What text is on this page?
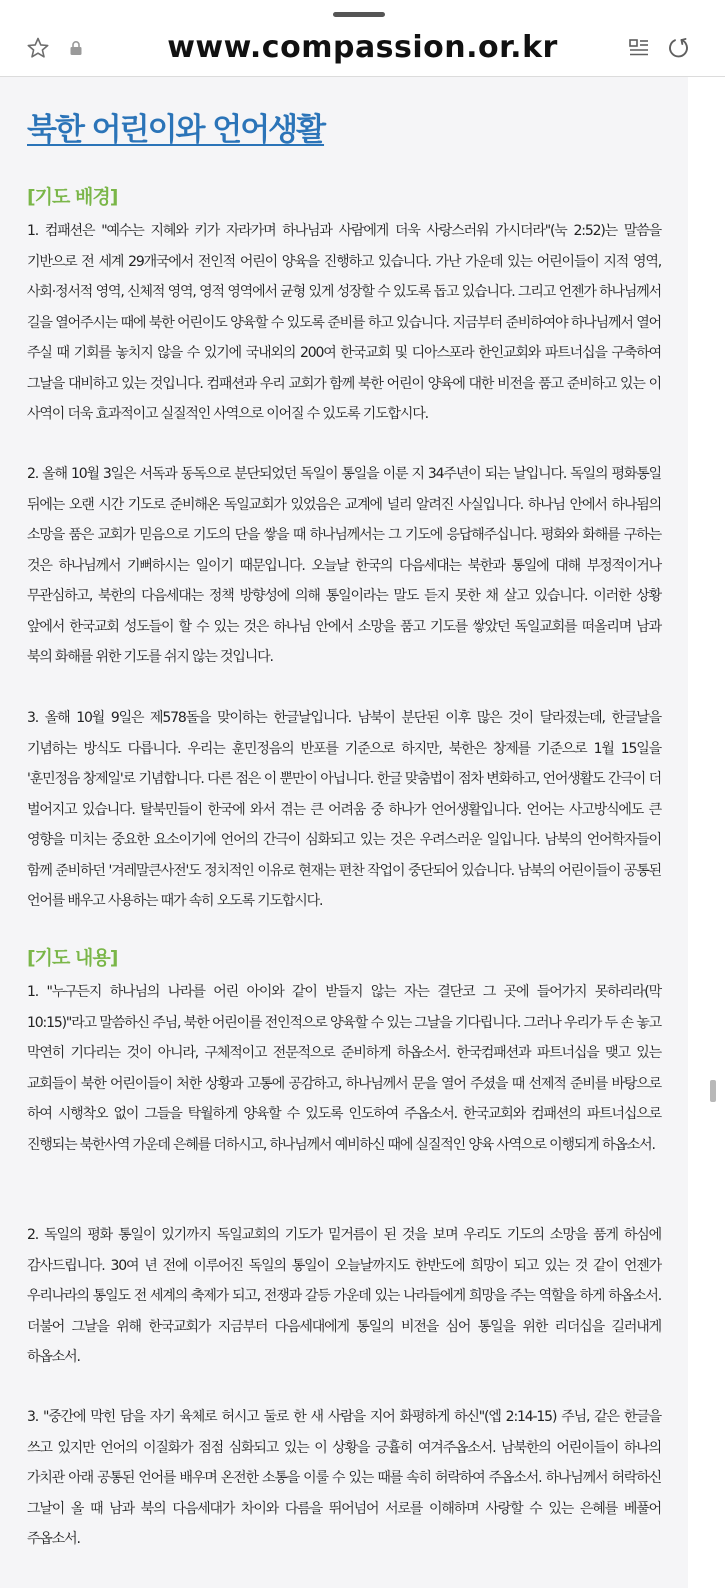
www.compassion.or.kr
북한 어린이와 언어생활
[기도 배경]

1. 컴패션은 "예수는 지혜와 키가 자라가며 하나님과 사람에게 더욱 사랑스러워 가시더라"(눅 2:52)는 말씀을 기반으로 전 세계 29개국에서 전인적 어린이 양육을 진행하고 있습니다. 가난 가운데 있는 어린이들이 지적 영역, 사회·정서적 영역, 신체적 영역, 영적 영역에서 균형 있게 성장할 수 있도록 돕고 있습니다. 그리고 언젠가 하나님께서 길을 열어주시는 때에 북한 어린이도 양육할 수 있도록 준비를 하고 있습니다. 지금부터 준비하여야 하나님께서 열어 주실 때 기회를 놓치지 않을 수 있기에 국내외의 200여 한국교회 및 디아스포라 한인교회와 파트너십을 구축하여 그날을 대비하고 있는 것입니다. 컴패션과 우리 교회가 함께 북한 어린이 양육에 대한 비전을 품고 준비하고 있는 이 사역이 더욱 효과적이고 실질적인 사역으로 이어질 수 있도록 기도합시다.

2. 올해 10월 3일은 서독과 동독으로 분단되었던 독일이 통일을 이룬 지 34주년이 되는 날입니다. 독일의 평화통일 뒤에는 오랜 시간 기도로 준비해온 독일교회가 있었음은 교계에 널리 알려진 사실입니다. 하나님 안에서 하나됨의 소망을 품은 교회가 믿음으로 기도의 단을 쌓을 때 하나님께서는 그 기도에 응답해주십니다. 평화와 화해를 구하는 것은 하나님께서 기뻐하시는 일이기 때문입니다. 오늘날 한국의 다음세대는 북한과 통일에 대해 부정적이거나 무관심하고, 북한의 다음세대는 정책 방향성에 의해 통일이라는 말도 듣지 못한 채 살고 있습니다. 이러한 상황 앞에서 한국교회 성도들이 할 수 있는 것은 하나님 안에서 소망을 품고 기도를 쌓았던 독일교회를 떠올리며 남과 북의 화해를 위한 기도를 쉬지 않는 것입니다.

3. 올해 10월 9일은 제578돌을 맞이하는 한글날입니다. 남북이 분단된 이후 많은 것이 달라졌는데, 한글날을 기념하는 방식도 다릅니다. 우리는 훈민정음의 반포를 기준으로 하지만, 북한은 창제를 기준으로 1월 15일을 '훈민정음 창제일'로 기념합니다. 다른 점은 이 뿐만이 아닙니다. 한글 맞춤법이 점차 변화하고, 언어생활도 간극이 더 벌어지고 있습니다. 탈북민들이 한국에 와서 겪는 큰 어려움 중 하나가 언어생활입니다. 언어는 사고방식에도 큰 영향을 미치는 중요한 요소이기에 언어의 간극이 심화되고 있는 것은 우려스러운 일입니다. 남북의 언어학자들이 함께 준비하던 '겨레말큰사전'도 정치적인 이유로 현재는 편찬 작업이 중단되어 있습니다. 남북의 어린이들이 공통된 언어를 배우고 사용하는 때가 속히 오도록 기도합시다.

[기도 내용]

1. "누구든지 하나님의 나라를 어린 아이와 같이 받들지 않는 자는 결단코 그 곳에 들어가지 못하리라(막 10:15)"라고 말씀하신 주님, 북한 어린이를 전인적으로 양육할 수 있는 그날을 기다립니다. 그러나 우리가 두 손 놓고 막연히 기다리는 것이 아니라, 구체적이고 전문적으로 준비하게 하옵소서. 한국컴패션과 파트너십을 맺고 있는 교회들이 북한 어린이들이 처한 상황과 고통에 공감하고, 하나님께서 문을 열어 주셨을 때 선제적 준비를 바탕으로 하여 시행착오 없이 그들을 탁월하게 양육할 수 있도록 인도하여 주옵소서. 한국교회와 컴패션의 파트너십으로 진행되는 북한사역 가운데 은혜를 더하시고, 하나님께서 예비하신 때에 실질적인 양육 사역으로 이행되게 하옵소서.

2. 독일의 평화 통일이 있기까지 독일교회의 기도가 밑거름이 된 것을 보며 우리도 기도의 소망을 품게 하심에 감사드립니다. 30여 년 전에 이루어진 독일의 통일이 오늘날까지도 한반도에 희망이 되고 있는 것 같이 언젠가 우리나라의 통일도 전 세계의 축제가 되고, 전쟁과 갈등 가운데 있는 나라들에게 희망을 주는 역할을 하게 하옵소서. 더불어 그날을 위해 한국교회가 지금부터 다음세대에게 통일의 비전을 심어 통일을 위한 리더십을 길러내게 하옵소서.

3. "중간에 막힌 담을 자기 육체로 허시고 둘로 한 새 사람을 지어 화평하게 하신"(엡 2:14-15) 주님, 같은 한글을 쓰고 있지만 언어의 이질화가 점점 심화되고 있는 이 상황을 긍휼히 여겨주옵소서. 남북한의 어린이들이 하나의 가치관 아래 공통된 언어를 배우며 온전한 소통을 이룰 수 있는 때를 속히 허락하여 주옵소서. 하나님께서 허락하신 그날이 올 때 남과 북의 다음세대가 차이와 다름을 뛰어넘어 서로를 이해하며 사랑할 수 있는 은혜를 베풀어 주옵소서.
